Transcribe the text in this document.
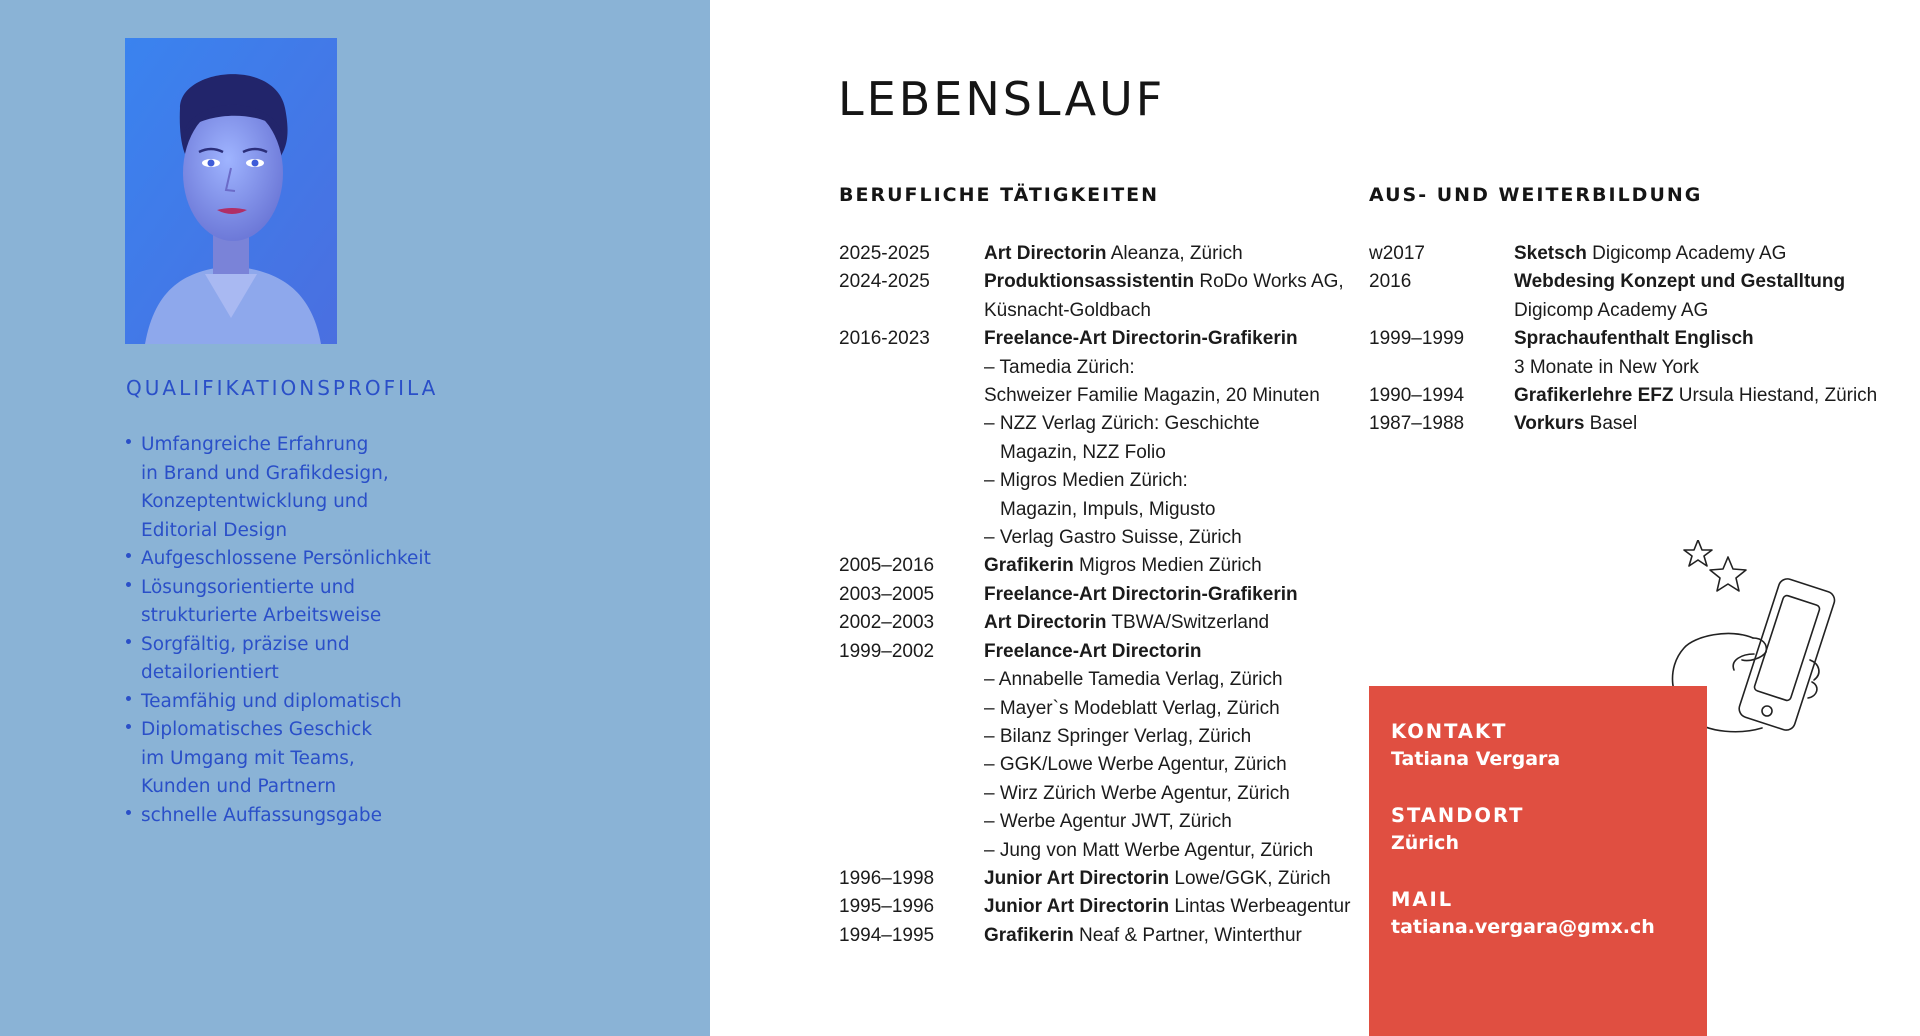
QUALIFIKATIONSPROFILA
Umfangreiche Erfahrung
in Brand und Grafikdesign,
Konzeptentwicklung und
Editorial Design
Aufgeschlossene Persönlichkeit
Lösungsorientierte und
strukturierte Arbeitsweise
Sorgfältig, präzise und
detailorientiert
Teamfähig und diplomatisch
Diplomatisches Geschick
im Umgang mit Teams,
Kunden und Partnern
schnelle Auffassungsgabe
LEBENSLAUF
BERUFLICHE TÄTIGKEITEN
2025-2025	Art Directorin Aleanza, Zürich
2024-2025	Produktionsassistentin RoDo Works AG,
Küsnacht-Goldbach
2016-2023	Freelance-Art Directorin-Grafikerin
– Tamedia Zürich:
Schweizer Familie Magazin, 20 Minuten
– NZZ Verlag Zürich: Geschichte
Magazin, NZZ Folio
– Migros Medien Zürich:
Magazin, Impuls, Migusto
– Verlag Gastro Suisse, Zürich
2005–2016	Grafikerin Migros Medien Zürich
2003–2005	Freelance-Art Directorin-Grafikerin
2002–2003	Art Directorin TBWA/Switzerland
1999–2002	Freelance-Art Directorin
– Annabelle Tamedia Verlag, Zürich
– Mayer`s Modeblatt Verlag, Zürich
– Bilanz Springer Verlag, Zürich
– GGK/Lowe Werbe Agentur, Zürich
– Wirz Zürich Werbe Agentur, Zürich
– Werbe Agentur JWT, Zürich
– Jung von Matt Werbe Agentur, Zürich
1996–1998	Junior Art Directorin Lowe/GGK, Zürich
1995–1996	Junior Art Directorin Lintas Werbeagentur
1994–1995	Grafikerin Neaf & Partner, Winterthur
AUS- UND WEITERBILDUNG
w2017	Sketsch Digicomp Academy AG
2016	Webdesing Konzept und Gestalltung
Digicomp Academy AG
1999–1999	Sprachaufenthalt Englisch
3 Monate in New York
1990–1994	Grafikerlehre EFZ Ursula Hiestand, Zürich
1987–1988	Vorkurs Basel

KONTAKT

Tatiana Vergara

STANDORT

Zürich

MAIL

tatiana.vergara@gmx.ch
